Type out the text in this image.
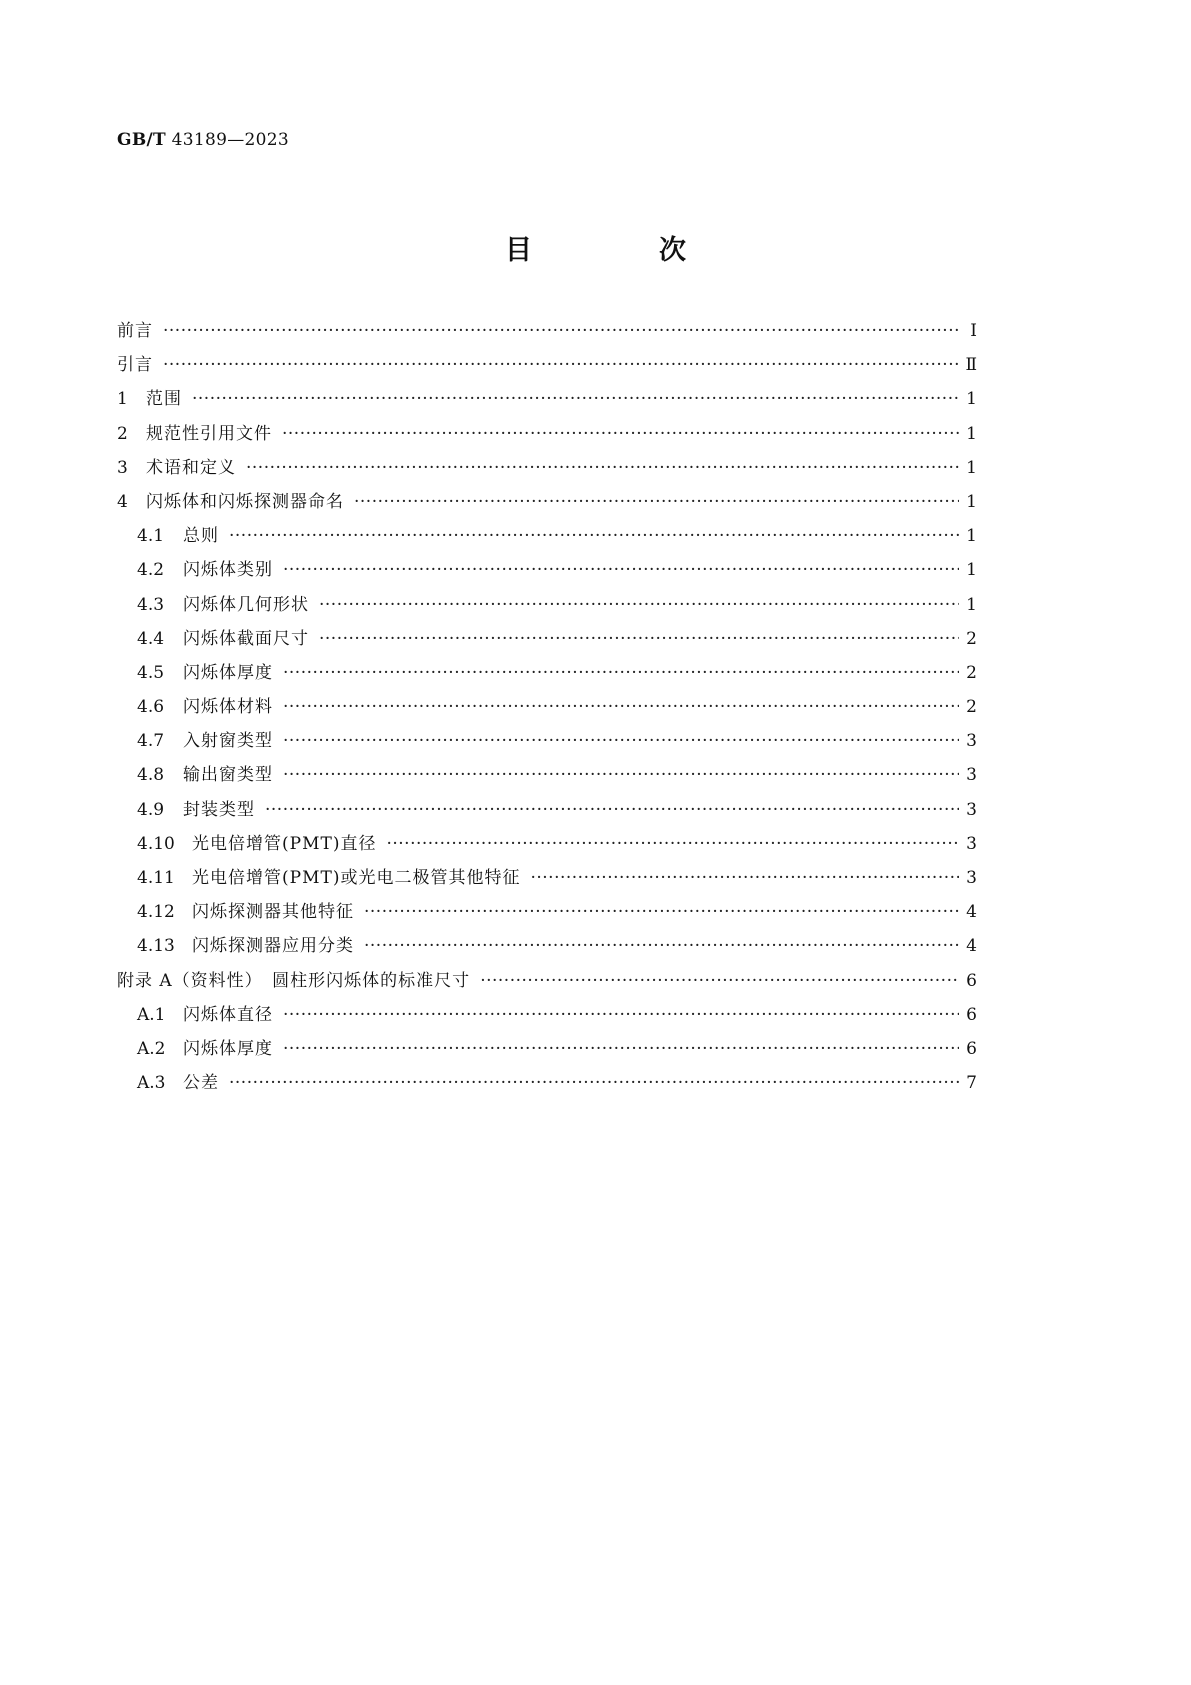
GB/T 43189—2023
目　次
前言 ·····	Ⅰ
引言 ·····	Ⅱ
1	范围 ·····	1
2	规范性引用文件 ·····	1
3	术语和定义 ·····	1
4	闪烁体和闪烁探测器命名 ·····	1
4.1	总则 ·····	1
4.2	闪烁体类别 ·····	1
4.3	闪烁体几何形状 ·····	1
4.4	闪烁体截面尺寸 ·····	2
4.5	闪烁体厚度 ·····	2
4.6	闪烁体材料 ·····	2
4.7	入射窗类型 ·····	3
4.8	输出窗类型 ·····	3
4.9	封装类型 ·····	3
4.10	光电倍增管(PMT)直径 ·····	3
4.11	光电倍增管(PMT)或光电二极管其他特征 ·····	3
4.12	闪烁探测器其他特征 ·····	4
4.13	闪烁探测器应用分类 ·····	4
附录 A（资料性）　圆柱形闪烁体的标准尺寸 ·····	6
A.1	闪烁体直径 ·····	6
A.2	闪烁体厚度 ·····	6
A.3	公差 ·····	7
